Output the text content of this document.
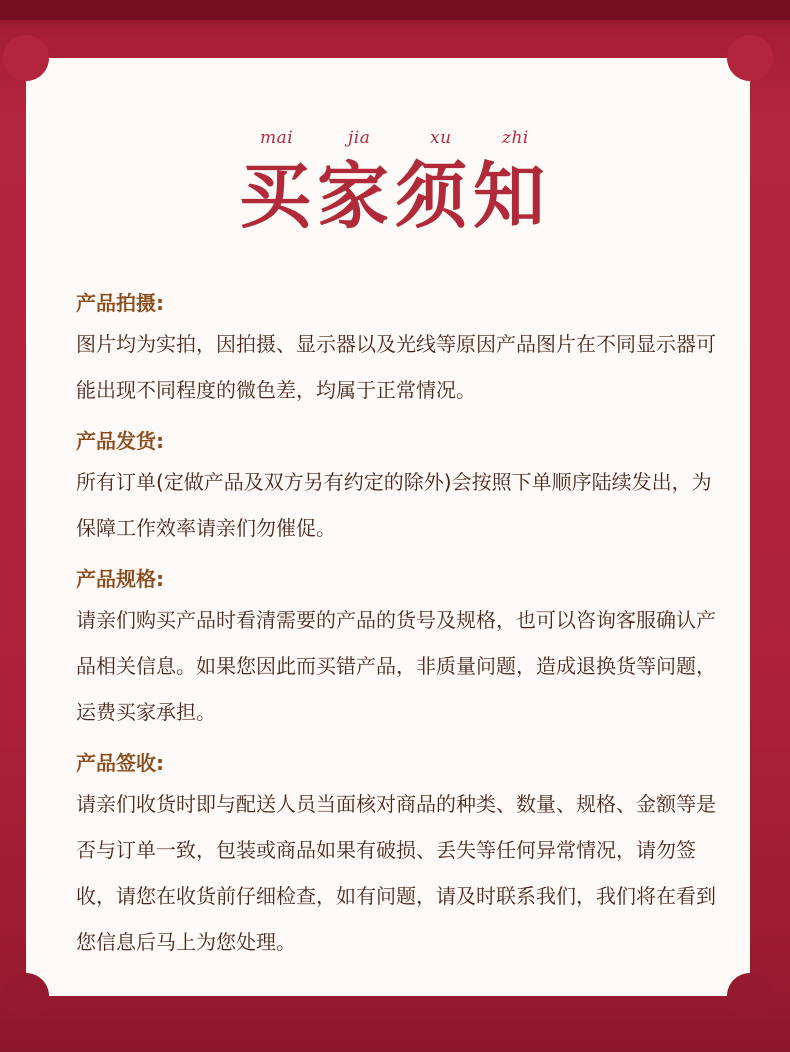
mai	jia	xu	zhi
买家须知

产品拍摄:

图片均为实拍，因拍摄、显示器以及光线等原因产品图片在不同显示器可能出现不同程度的微色差，均属于正常情况。

产品发货:

所有订单(定做产品及双方另有约定的除外)会按照下单顺序陆续发出，为保障工作效率请亲们勿催促。

产品规格:

请亲们购买产品时看清需要的产品的货号及规格，也可以咨询客服确认产品相关信息。如果您因此而买错产品，非质量问题，造成退换货等问题，运费买家承担。

产品签收:

请亲们收货时即与配送人员当面核对商品的种类、数量、规格、金额等是否与订单一致，包装或商品如果有破损、丢失等任何异常情况，请勿签收，请您在收货前仔细检查，如有问题，请及时联系我们，我们将在看到您信息后马上为您处理。
